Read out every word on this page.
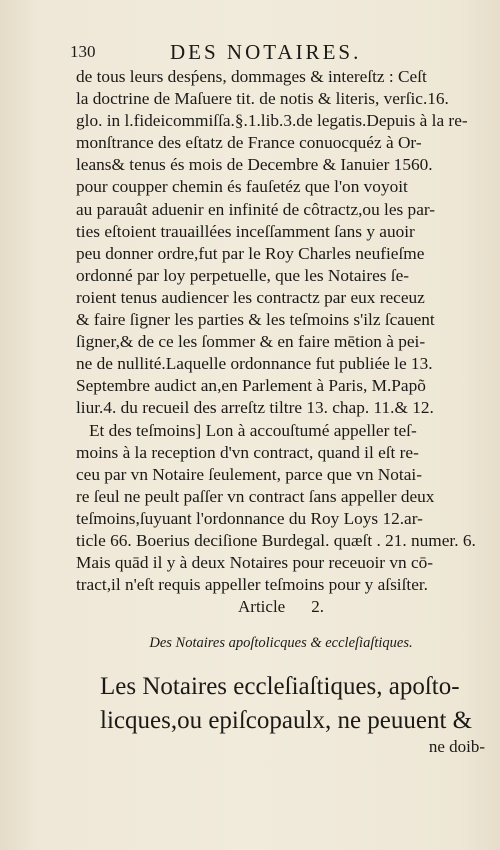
130	DES NOTAIRES.
de tous leurs desṕens, dommages & intereſtz : Ceſt
la doctrine de Maſuere tit. de notis & literis, verſic.16.
glo. in l.fideicommiſſa.§.1.lib.3.de legatis.Depuis à la re-
monſtrance des eſtatz de France conuocquéz à Or-
leans& tenus és mois de Decembre & Ianuier 1560.
pour coupper chemin és fauſetéz que l'on voyoit
au parauât aduenir en infinité de côtractz,ou les par-
ties eſtoient trauaillées inceſſamment ſans y auoir
peu donner ordre,fut par le Roy Charles neufieſme
ordonné par loy perpetuelle, que les Notaires ſe-
roient tenus audiencer les contractz par eux receuz
& faire ſigner les parties & les teſmoins s'ilz ſcauent
ſigner,& de ce les ſommer & en faire mētion à pei-
ne de nullité.Laquelle ordonnance fut publiée le 13.
Septembre audict an,en Parlement à Paris, M.Papõ
liur.4. du recueil des arreſtz tiltre 13. chap. 11.& 12.
Et des teſmoins] Lon à accouſtumé appeller teſ-
moins à la reception d'vn contract, quand il eſt re-
ceu par vn Notaire ſeulement, parce que vn Notai-
re ſeul ne peult paſſer vn contract ſans appeller deux
teſmoins,ſuyuant l'ordonnance du Roy Loys 12.ar-
ticle 66. Boerius deciſione Burdegal. quæſt . 21. numer. 6.
Mais quād il y à deux Notaires pour receuoir vn cō-
tract,il n'eſt requis appeller teſmoins pour y aſsiſter.
Article 2.
Des Notaires apoſtolicques & eccleſiaſtiques.
Les Notaires eccleſiaſtiques, apoſto-
licques,ou epiſcopaulx, ne peuuent &
ne doib-
